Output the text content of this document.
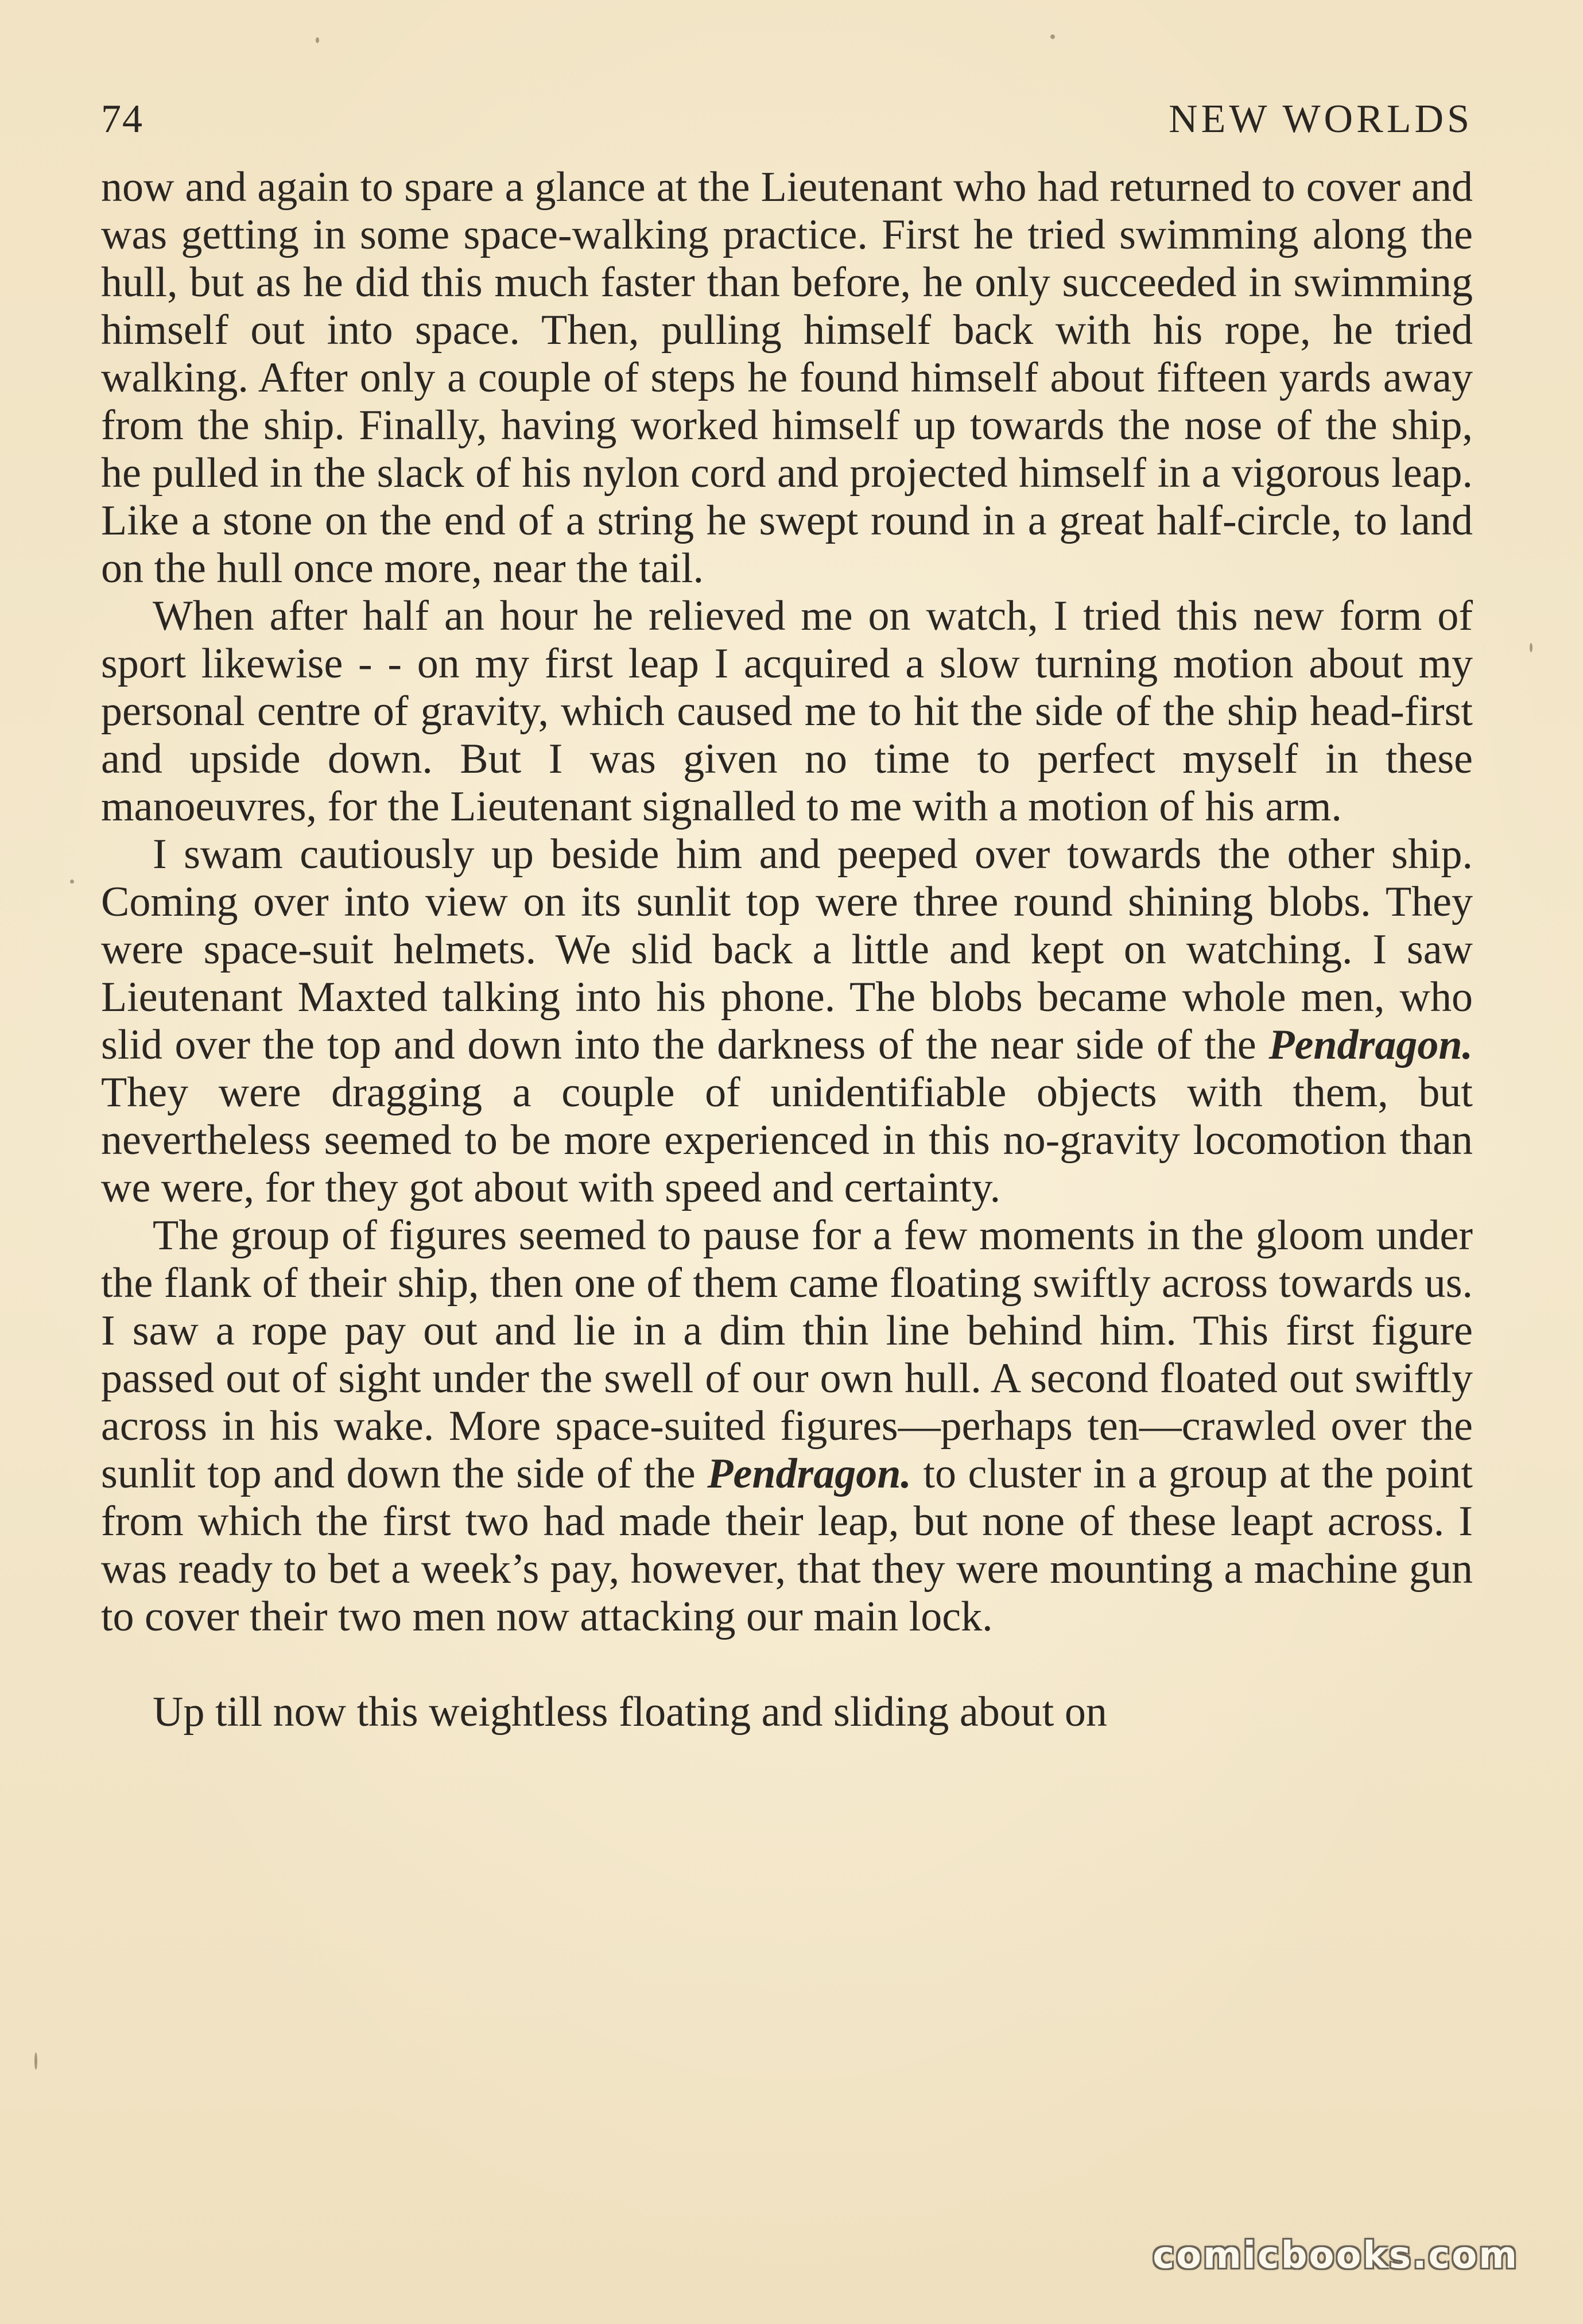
74	NEW WORLDS

now and again to spare a glance at the Lieutenant who had returned to cover and was getting in some space-walking practice. First he tried swimming along the hull, but as he did this much faster than before, he only succeeded in swimming himself out into space. Then, pulling himself back with his rope, he tried walking. After only a couple of steps he found himself about fifteen yards away from the ship. Finally, having worked himself up towards the nose of the ship, he pulled in the slack of his nylon cord and projected himself in a vigorous leap. Like a stone on the end of a string he swept round in a great half-circle, to land on the hull once more, near the tail.

When after half an hour he relieved me on watch, I tried this new form of sport likewise - - on my first leap I acquired a slow turning motion about my personal centre of gravity, which caused me to hit the side of the ship head-first and upside down. But I was given no time to perfect myself in these manoeuvres, for the Lieutenant signalled to me with a motion of his arm.

I swam cautiously up beside him and peeped over towards the other ship. Coming over into view on its sunlit top were three round shining blobs. They were space-suit helmets. We slid back a little and kept on watching. I saw Lieutenant Maxted talking into his phone. The blobs became whole men, who slid over the top and down into the darkness of the near side of the Pendragon. They were dragging a couple of unidentifiable objects with them, but nevertheless seemed to be more experienced in this no-gravity locomotion than we were, for they got about with speed and certainty.

The group of figures seemed to pause for a few moments in the gloom under the flank of their ship, then one of them came floating swiftly across towards us. I saw a rope pay out and lie in a dim thin line behind him. This first figure passed out of sight under the swell of our own hull. A second floated out swiftly across in his wake. More space-suited figures—perhaps ten—crawled over the sunlit top and down the side of the Pendragon. to cluster in a group at the point from which the first two had made their leap, but none of these leapt across. I was ready to bet a week’s pay, however, that they were mounting a machine gun to cover their two men now attacking our main lock.

Up till now this weightless floating and sliding about on

comicbooks.com
